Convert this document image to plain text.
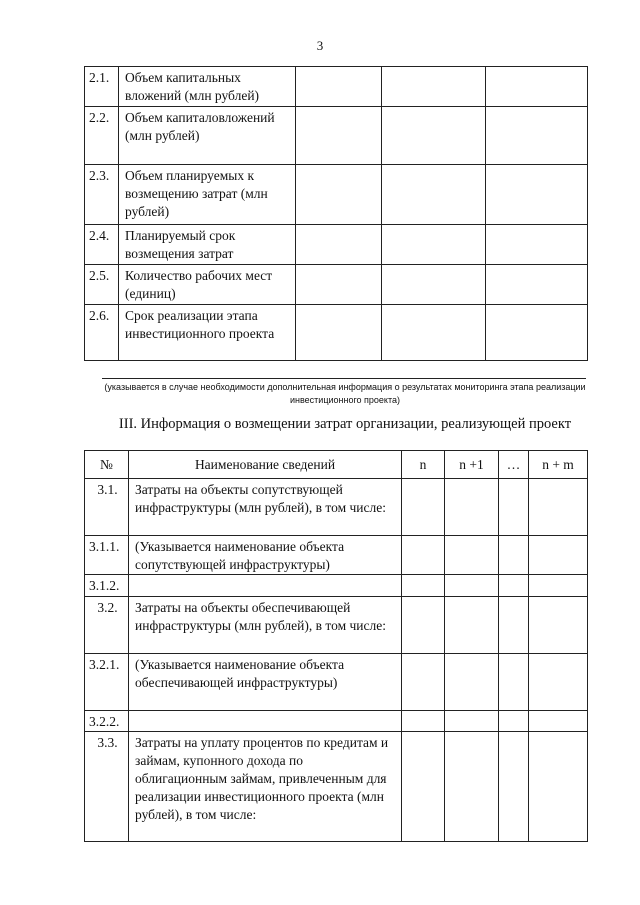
3
2.1.	Объем капитальных вложений (млн рублей)			
2.2.	Объем капиталовложений (млн рублей)			
2.3.	Объем планируемых к возмещению затрат (млн рублей)			
2.4.	Планируемый срок возмещения затрат			
2.5.	Количество рабочих мест (единиц)			
2.6.	Срок реализации этапа инвестиционного проекта			
(указывается в случае необходимости дополнительная информация о результатах мониторинга этапа реализации инвестиционного проекта)
III. Информация о возмещении затрат организации, реализующей проект
№	Наименование сведений	n	n +1	…	n + m
3.1.	Затраты на объекты сопутствующей инфраструктуры (млн рублей), в том числе:				
3.1.1.	(Указывается наименование объекта сопутствующей инфраструктуры)				
3.1.2.					
3.2.	Затраты на объекты обеспечивающей инфраструктуры (млн рублей), в том числе:				
3.2.1.	(Указывается наименование объекта обеспечивающей инфраструктуры)				
3.2.2.					
3.3.	Затраты на уплату процентов по кредитам и займам, купонного дохода по облигационным займам, привлеченным для реализации инвестиционного проекта (млн рублей), в том числе:				
